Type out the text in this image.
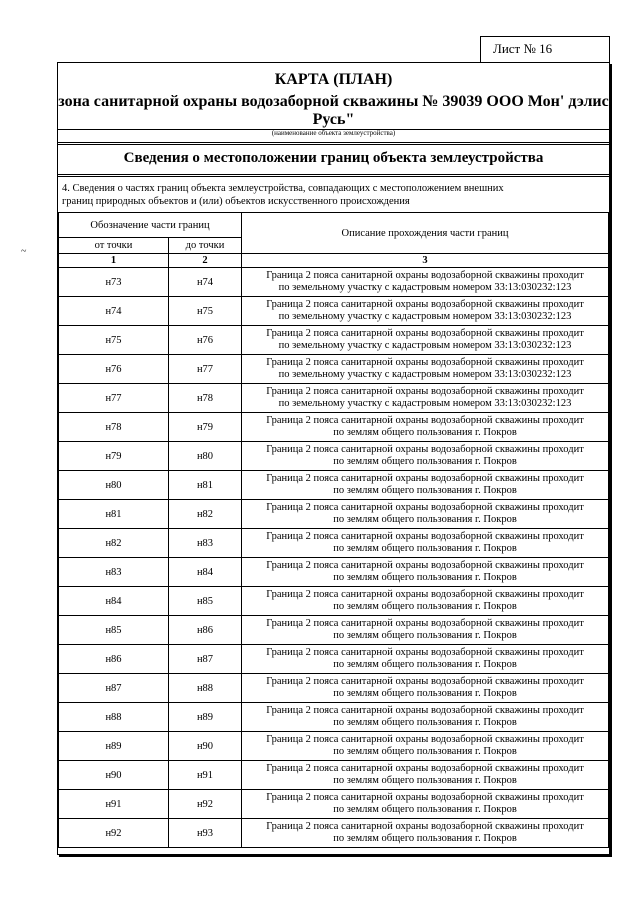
Лист № 16
КАРТА (ПЛАН)
зона санитарной охраны водозаборной скважины № 39039 ООО Мон' дэлис
Русь"
(наименование объекта землеустройства)
Сведения о местоположении границ объекта землеустройства
4. Сведения о частях границ объекта землеустройства, совпадающих с местоположением внешних
границ природных объектов и (или) объектов искусственного происхождения
Обозначение части границ		Описание прохождения части границ
от точки	до точки	
1	2	3
н73	н74	Граница 2 пояса санитарной охраны водозаборной скважины проходит
по земельному участку с кадастровым номером 33:13:030232:123

н74	н75	Граница 2 пояса санитарной охраны водозаборной скважины проходит
по земельному участку с кадастровым номером 33:13:030232:123

н75	н76	Граница 2 пояса санитарной охраны водозаборной скважины проходит
по земельному участку с кадастровым номером 33:13:030232:123

н76	н77	Граница 2 пояса санитарной охраны водозаборной скважины проходит
по земельному участку с кадастровым номером 33:13:030232:123

н77	н78	Граница 2 пояса санитарной охраны водозаборной скважины проходит
по земельному участку с кадастровым номером 33:13:030232:123

н78	н79	Граница 2 пояса санитарной охраны водозаборной скважины проходит
по землям общего пользования г. Покров

н79	н80	Граница 2 пояса санитарной охраны водозаборной скважины проходит
по землям общего пользования г. Покров

н80	н81	Граница 2 пояса санитарной охраны водозаборной скважины проходит
по землям общего пользования г. Покров

н81	н82	Граница 2 пояса санитарной охраны водозаборной скважины проходит
по землям общего пользования г. Покров

н82	н83	Граница 2 пояса санитарной охраны водозаборной скважины проходит
по землям общего пользования г. Покров

н83	н84	Граница 2 пояса санитарной охраны водозаборной скважины проходит
по землям общего пользования г. Покров

н84	н85	Граница 2 пояса санитарной охраны водозаборной скважины проходит
по землям общего пользования г. Покров

н85	н86	Граница 2 пояса санитарной охраны водозаборной скважины проходит
по землям общего пользования г. Покров

н86	н87	Граница 2 пояса санитарной охраны водозаборной скважины проходит
по землям общего пользования г. Покров

н87	н88	Граница 2 пояса санитарной охраны водозаборной скважины проходит
по землям общего пользования г. Покров

н88	н89	Граница 2 пояса санитарной охраны водозаборной скважины проходит
по землям общего пользования г. Покров

н89	н90	Граница 2 пояса санитарной охраны водозаборной скважины проходит
по землям общего пользования г. Покров

н90	н91	Граница 2 пояса санитарной охраны водозаборной скважины проходит
по землям общего пользования г. Покров

н91	н92	Граница 2 пояса санитарной охраны водозаборной скважины проходит
по землям общего пользования г. Покров

н92	н93	Граница 2 пояса санитарной охраны водозаборной скважины проходит
по землям общего пользования г. Покров
~
